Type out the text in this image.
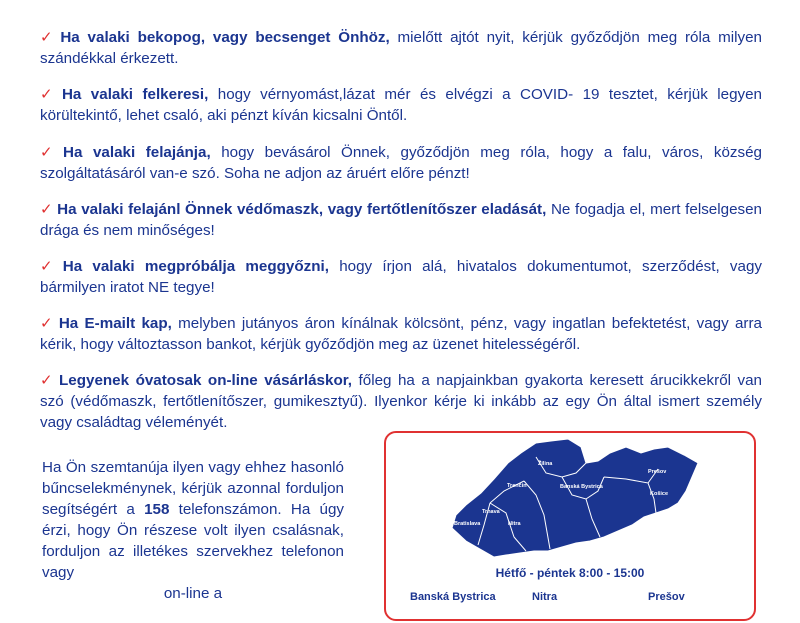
✓ Ha valaki bekopog, vagy becsenget Önhöz, mielőtt ajtót nyit, kérjük győződjön meg róla milyen szándékkal érkezett.

✓ Ha valaki felkeresi, hogy vérnyomást,lázat mér és elvégzi a COVID- 19 tesztet, kérjük legyen körültekintő, lehet csaló, aki pénzt kíván kicsalni Öntől.

✓ Ha valaki felajánja, hogy bevásárol Önnek, győződjön meg róla, hogy a falu, város, község szolgáltatásáról van-e szó. Soha ne adjon az áruért előre pénzt!

✓ Ha valaki felajánl Önnek védőmaszk, vagy fertőtlenítőszer eladását, Ne fogadja el, mert felselgesen drága és nem minőséges!

✓ Ha valaki megpróbálja meggyőzni, hogy írjon alá, hivatalos dokumentumot, szerződést, vagy bármilyen iratot NE tegye!

✓ Ha E-mailt kap, melyben jutányos áron kínálnak kölcsönt, pénz, vagy ingatlan befektetést, vagy arra kérik, hogy változtasson bankot, kérjük győződjön meg az üzenet hitelességéről.

✓ Legyenek óvatosak on-line vásárláskor, főleg ha a napjainkban gyakorta keresett árucikkekről van szó (védőmaszk, fertőtlenítőszer, gumikesztyű). Ilyenkor kérje ki inkább az egy Ön által ismert személy vagy családtag véleményét.

Ha Ön szemtanúja ilyen vagy ehhez hasonló bűncselekménynek, kérjük azonnal forduljon segítségért a 158 telefonszámon. Ha úgy érzi, hogy Ön részese volt ilyen csalásnak, forduljon az illetékes szervekhez telefonon vagy
on-line a
Žilina
Trenčín	Banská Bystrica
Prešov
Košice
Bratislava
Trnava
Nitra
Hétfő - péntek 8:00 - 15:00
Banská Bystrica	Nitra	Prešov
